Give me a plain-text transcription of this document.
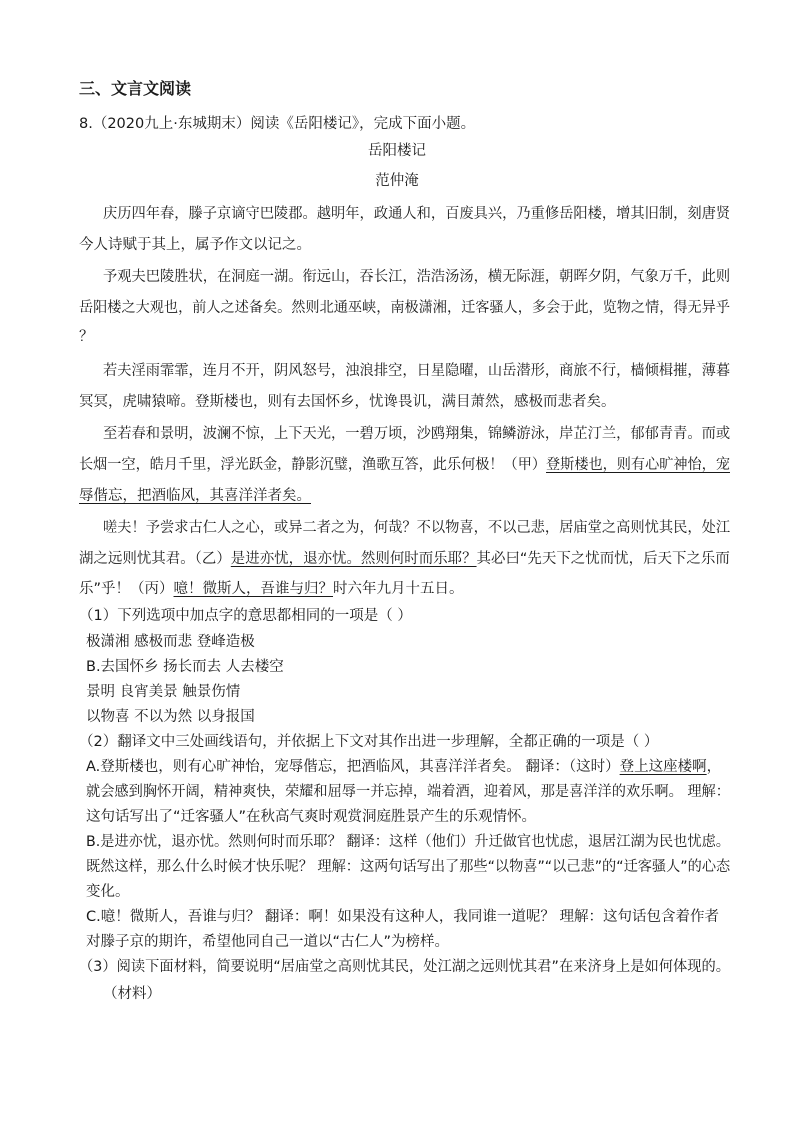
三、文言文阅读
8.（2020九上·东城期末）阅读《岳阳楼记》，完成下面小题。
岳阳楼记
范仲淹
庆历四年春，滕子京谪守巴陵郡。越明年，政通人和，百废具兴，乃重修岳阳楼，增其旧制，刻唐贤
今人诗赋于其上，属予作文以记之。
予观夫巴陵胜状，在洞庭一湖。衔远山，吞长江，浩浩汤汤，横无际涯，朝晖夕阴，气象万千，此则
岳阳楼之大观也，前人之述备矣。然则北通巫峡，南极潇湘，迁客骚人，多会于此，览物之情，得无异乎
？
若夫淫雨霏霏，连月不开，阴风怒号，浊浪排空，日星隐曜，山岳潜形，商旅不行，樯倾楫摧，薄暮
冥冥，虎啸猿啼。登斯楼也，则有去国怀乡，忧谗畏讥，满目萧然，感极而悲者矣。
至若春和景明，波澜不惊，上下天光，一碧万顷，沙鸥翔集，锦鳞游泳，岸芷汀兰，郁郁青青。而或
长烟一空，皓月千里，浮光跃金，静影沉璧，渔歌互答，此乐何极！（甲）登斯楼也，则有心旷神怡，宠
辱偕忘，把酒临风，其喜洋洋者矣。
嗟夫！予尝求古仁人之心，或异二者之为，何哉？不以物喜，不以己悲，居庙堂之高则忧其民，处江
湖之远则忧其君。（乙）是进亦忧，退亦忧。然则何时而乐耶？其必曰“先天下之忧而忧，后天下之乐而
乐”乎！（丙）噫！微斯人，吾谁与归？时六年九月十五日。
（1）下列选项中加点字的意思都相同的一项是（ ）
极潇湘 感极而悲 登峰造极
B.去国怀乡 扬长而去 人去楼空
景明 良宵美景 触景伤情
以物喜 不以为然 以身报国
（2）翻译文中三处画线语句，并依据上下文对其作出进一步理解，全都正确的一项是（ ）
A.登斯楼也，则有心旷神怡，宠辱偕忘，把酒临风，其喜洋洋者矣。 翻译：（这时）登上这座楼啊，
就会感到胸怀开阔，精神爽快，荣耀和屈辱一并忘掉，端着酒，迎着风，那是喜洋洋的欢乐啊。 理解：
这句话写出了“迁客骚人”在秋高气爽时观赏洞庭胜景产生的乐观情怀。
B.是进亦忧，退亦忧。然则何时而乐耶？ 翻译：这样（他们）升迁做官也忧虑，退居江湖为民也忧虑。
既然这样，那么什么时候才快乐呢？ 理解：这两句话写出了那些“以物喜”“以己悲”的“迁客骚人”的心态
变化。
C.噫！微斯人，吾谁与归？ 翻译：啊！如果没有这种人，我同谁一道呢？ 理解：这句话包含着作者
对滕子京的期许，希望他同自己一道以“古仁人”为榜样。
（3）阅读下面材料，简要说明“居庙堂之高则忧其民，处江湖之远则忧其君”在来济身上是如何体现的。
（材料）
